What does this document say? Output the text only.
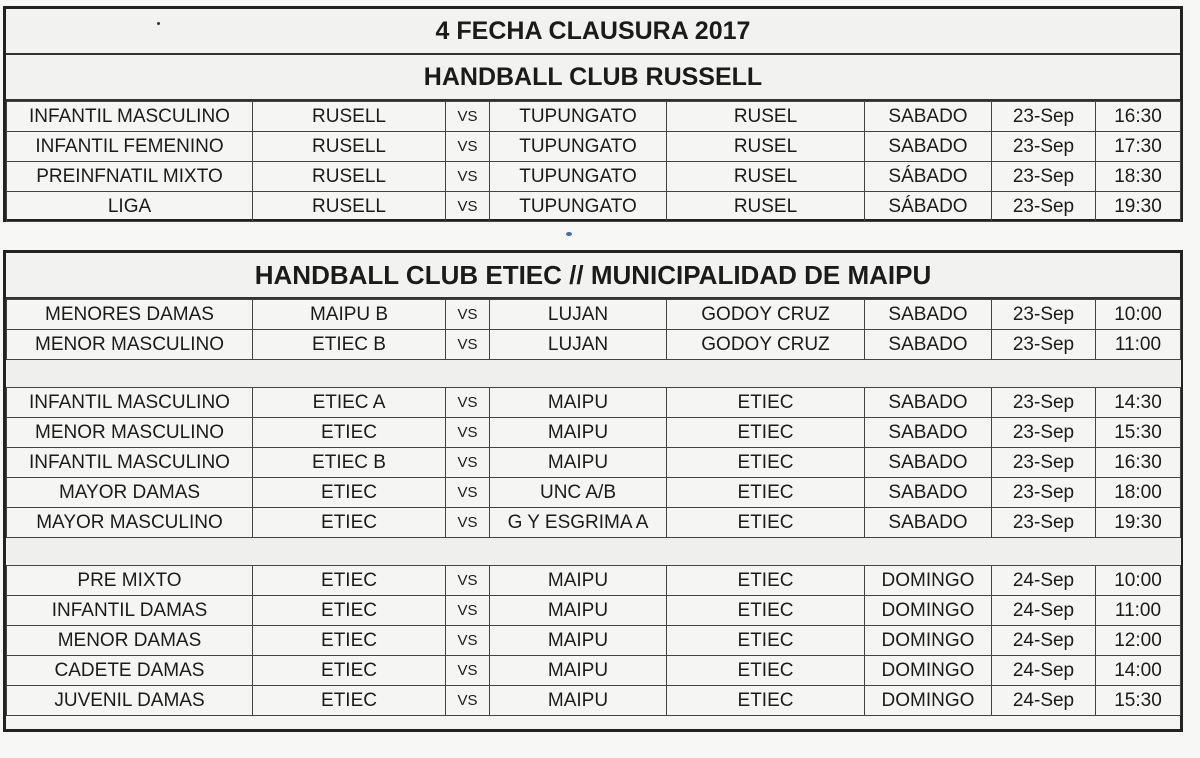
4 FECHA CLAUSURA 2017
HANDBALL CLUB RUSSELL
INFANTIL MASCULINO	RUSELL	VS	TUPUNGATO	RUSEL	SABADO	23-Sep	16:30
INFANTIL FEMENINO	RUSELL	VS	TUPUNGATO	RUSEL	SABADO	23-Sep	17:30
PREINFNATIL MIXTO	RUSELL	VS	TUPUNGATO	RUSEL	SÁBADO	23-Sep	18:30
LIGA	RUSELL	VS	TUPUNGATO	RUSEL	SÁBADO	23-Sep	19:30
HANDBALL CLUB ETIEC // MUNICIPALIDAD DE MAIPU
MENORES DAMAS	MAIPU B	VS	LUJAN	GODOY CRUZ	SABADO	23-Sep	10:00
MENOR MASCULINO	ETIEC B	VS	LUJAN	GODOY CRUZ	SABADO	23-Sep	11:00

INFANTIL MASCULINO	ETIEC A	VS	MAIPU	ETIEC	SABADO	23-Sep	14:30
MENOR MASCULINO	ETIEC	VS	MAIPU	ETIEC	SABADO	23-Sep	15:30
INFANTIL MASCULINO	ETIEC B	VS	MAIPU	ETIEC	SABADO	23-Sep	16:30
MAYOR DAMAS	ETIEC	VS	UNC A/B	ETIEC	SABADO	23-Sep	18:00
MAYOR MASCULINO	ETIEC	VS	G Y ESGRIMA A	ETIEC	SABADO	23-Sep	19:30

PRE MIXTO	ETIEC	VS	MAIPU	ETIEC	DOMINGO	24-Sep	10:00
INFANTIL DAMAS	ETIEC	VS	MAIPU	ETIEC	DOMINGO	24-Sep	11:00
MENOR DAMAS	ETIEC	VS	MAIPU	ETIEC	DOMINGO	24-Sep	12:00
CADETE DAMAS	ETIEC	VS	MAIPU	ETIEC	DOMINGO	24-Sep	14:00
JUVENIL DAMAS	ETIEC	VS	MAIPU	ETIEC	DOMINGO	24-Sep	15:30
